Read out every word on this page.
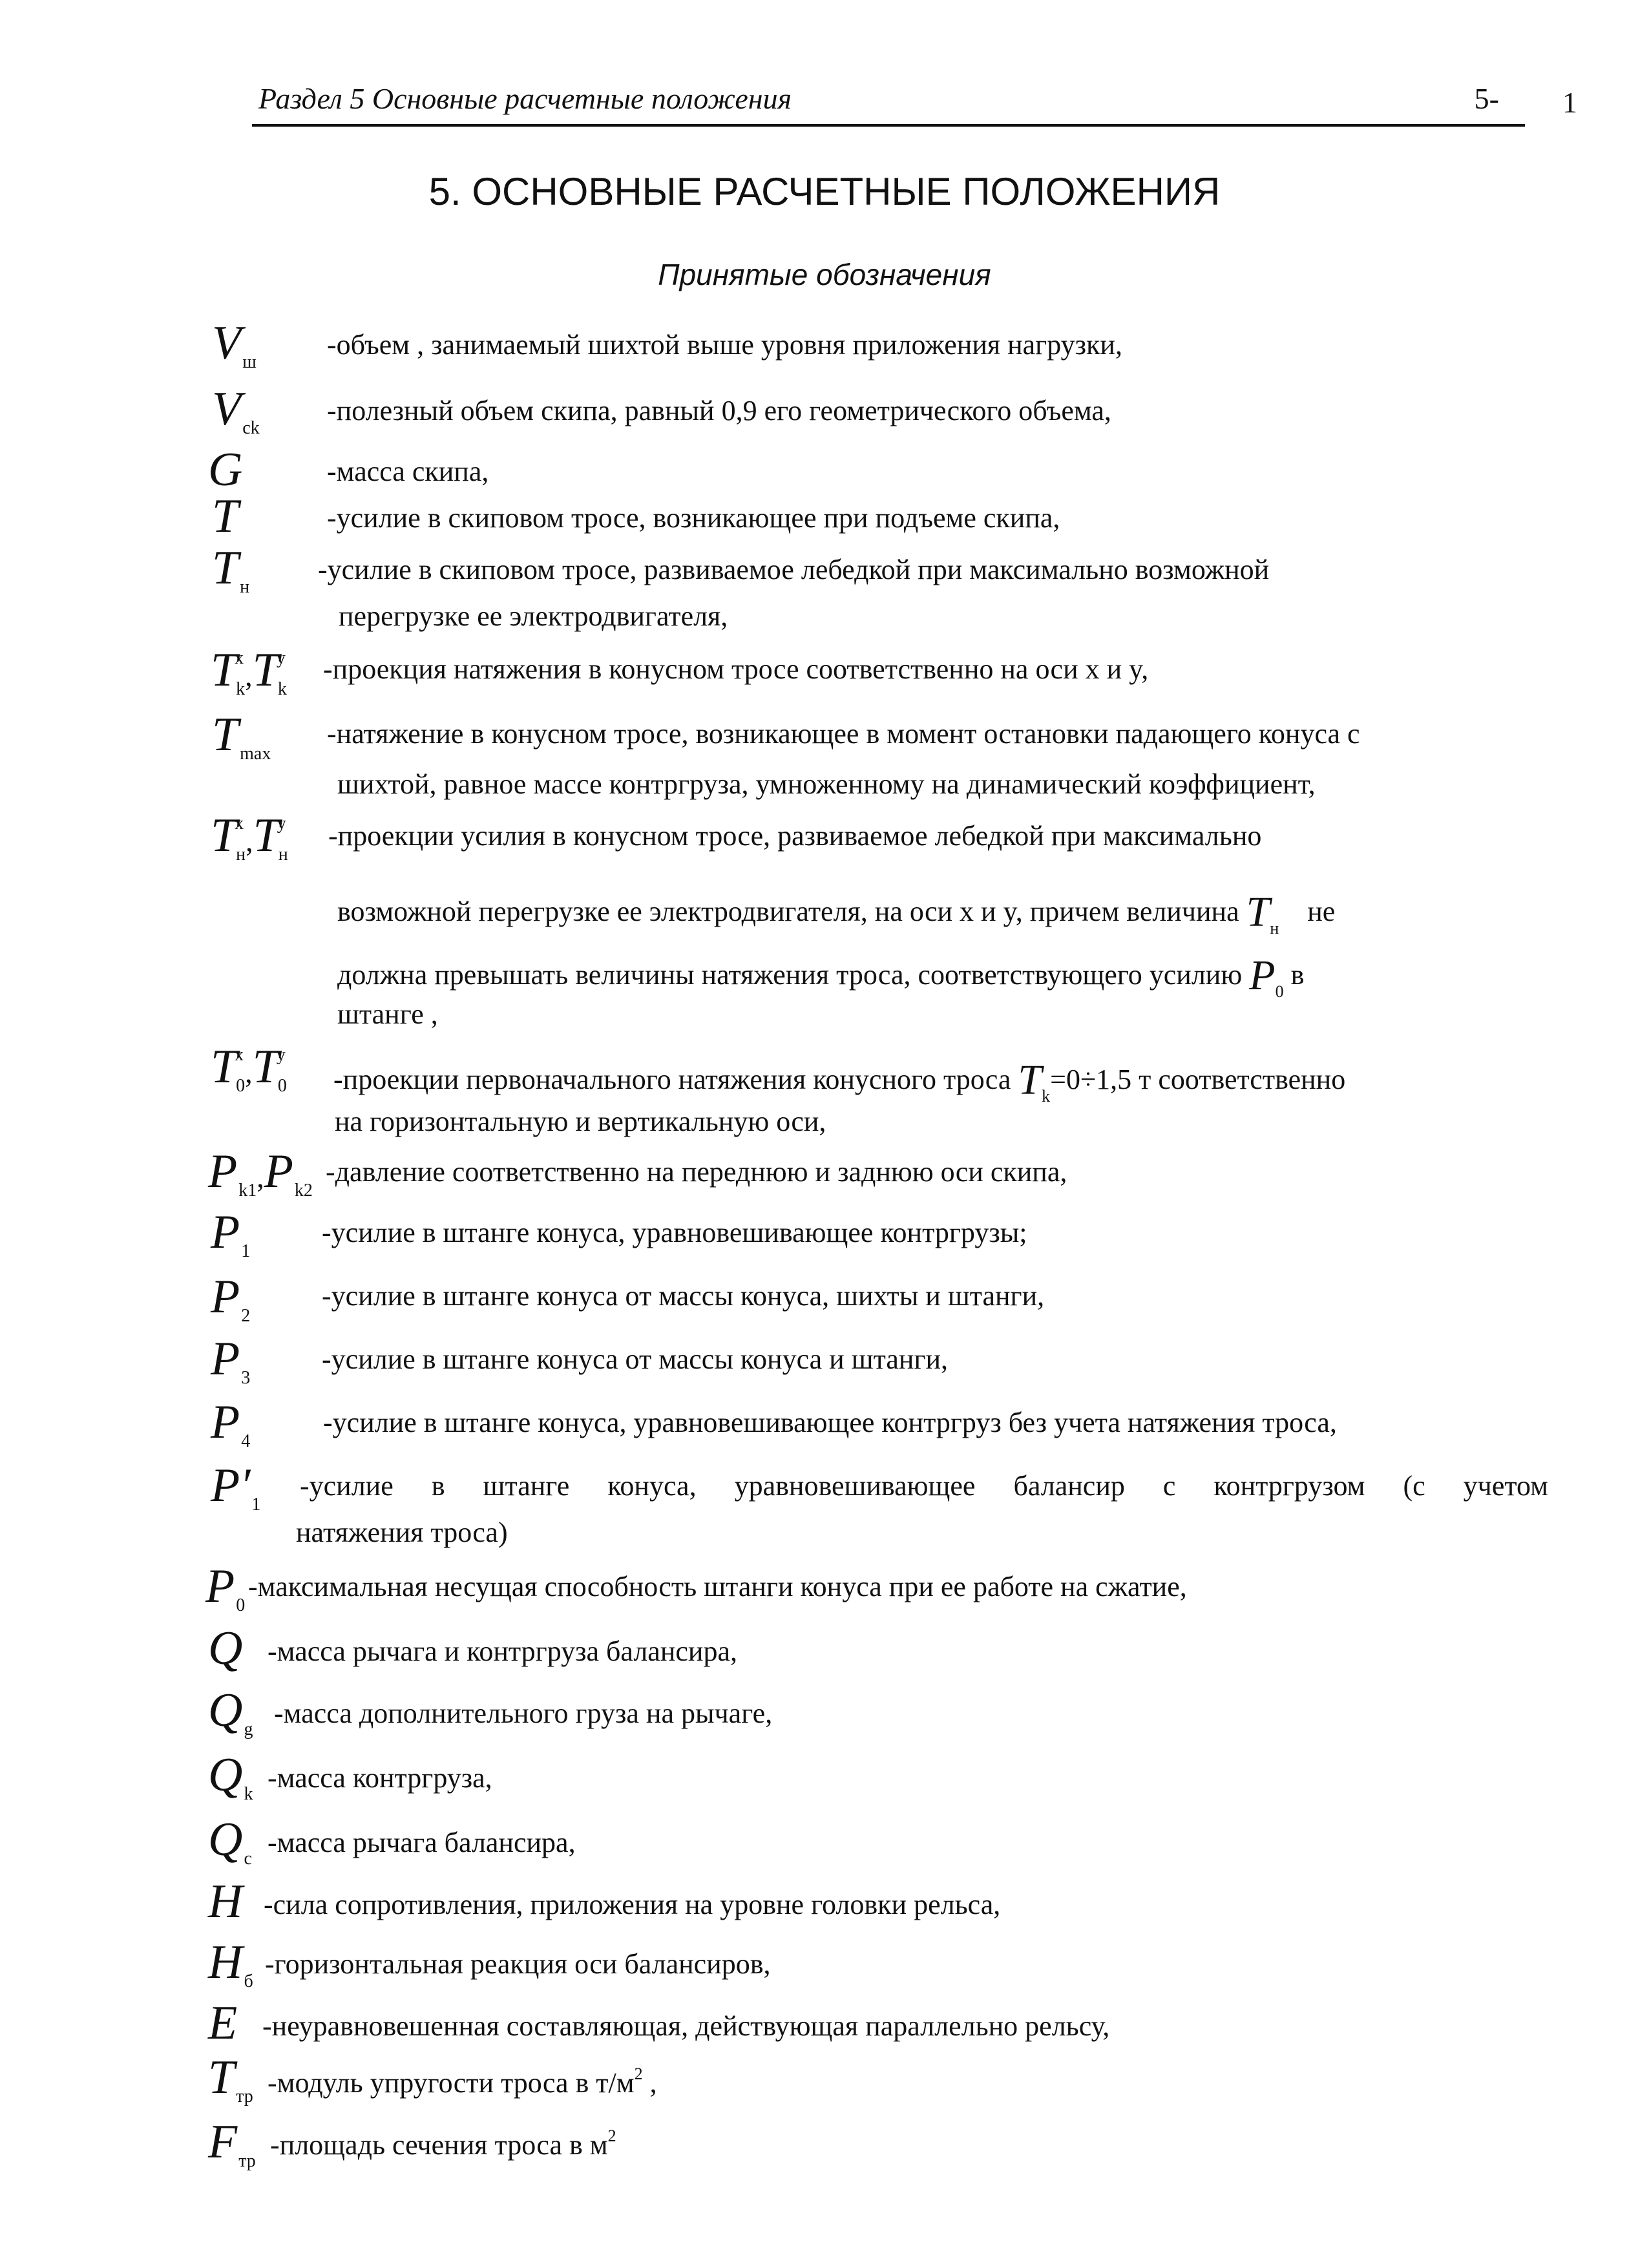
Раздел 5 Основные расчетные положения	5- 1
5. ОСНОВНЫЕ РАСЧЕТНЫЕ ПОЛОЖЕНИЯ
Принятые обозначения
$V_ш$
-объем , занимаемый шихтой выше уровня приложения нагрузки,
$V_{ck}$
-полезный объем скипа, равный 0,9 его геометрического объема,
G	-масса скипа,
T	-усилие в скиповом тросе, возникающее при подъеме скипа,
$T_н$
-усилие в скиповом тросе, развиваемое лебедкой при максимально возможной
перегрузке ее электродвигателя,
$T^x_k,T^y_k$
-проекция натяжения в конусном тросе соответственно на оси x и y,
$T_{max}$
-натяжение в конусном тросе, возникающее в момент остановки падающего конуса с
шихтой, равное массе контргруза, умноженному на динамический коэффициент,
$T^x_н,T^y_н$
-проекции усилия в конусном тросе, развиваемое лебедкой при максимально
возможной перегрузке ее электродвигателя, на оси x и y, причем величина $T_н$    не
должна превышать величины натяжения троса, соответствующего усилию $P_0$ в
штанге ,
$T^x_0,T^y_0$ -проекции первоначального натяжения конусного троса $T_k=0\div 1,5$ т соответственно
на горизонтальную и вертикальную оси,
$P_{k1},P_{k2}$
-давление соответственно на переднюю и заднюю оси скипа,
$P_1$
-усилие в штанге конуса, уравновешивающее контргрузы;
$P_2$
-усилие в штанге конуса от массы конуса, шихты и штанги,
$P_3$
-усилие в штанге конуса от массы конуса и штанги,
$P_4$
-усилие в штанге конуса, уравновешивающее контргруз без учета натяжения троса,
$P'_1$
-усилие в штанге конуса, уравновешивающее балансир с контргрузом (с учетом
натяжения троса)
$P_0$
-максимальная несущая способность штанги конуса при ее работе на сжатие,
Q -масса рычага и контргруза балансира,
$Q_g$
-масса дополнительного груза на рычаге,
$Q_k$
-масса контргруза,
$Q_c$
-масса рычага балансира,
H -сила сопротивления, приложения на уровне головки рельса,
$H_б$
-горизонтальная реакция оси балансиров,
E -неуравновешенная составляющая, действующая параллельно рельсу,
$T_{тр}$ -модуль упругости троса в $т/м^2$ ,
$F_{тр}$
-площадь сечения троса в $м^2$
